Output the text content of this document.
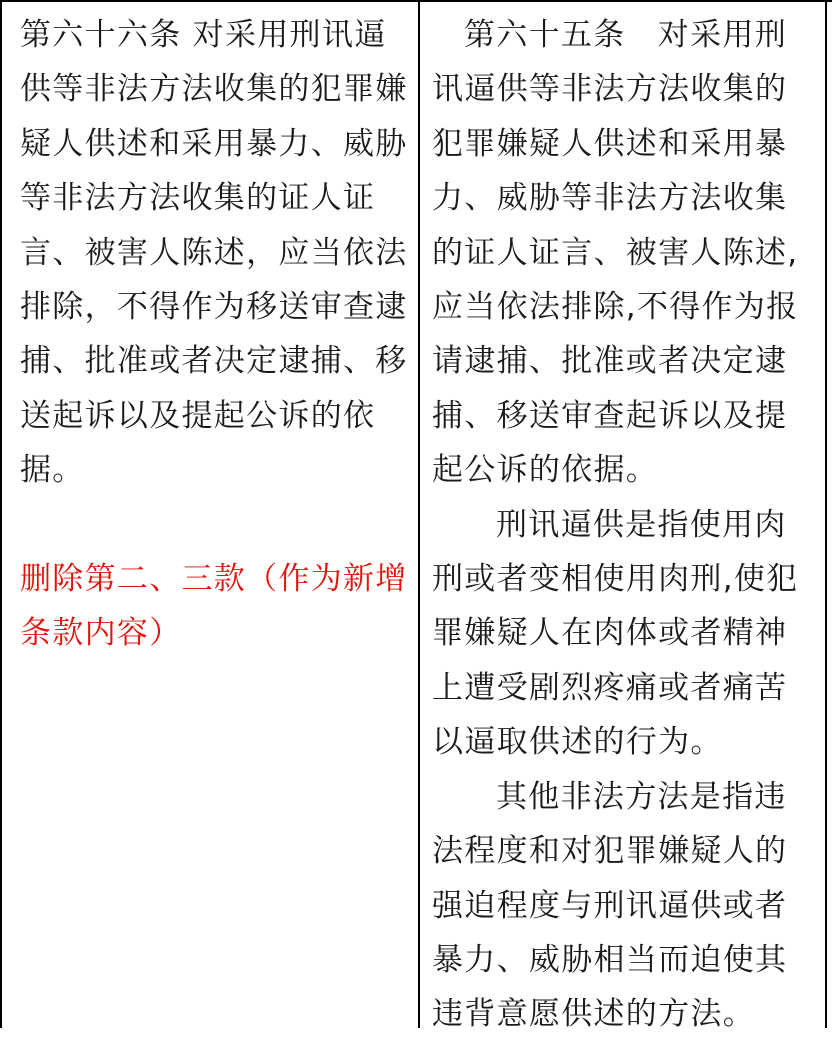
第六十六条 对采用刑讯逼供等非法方法收集的犯罪嫌疑人供述和采用暴力、威胁等非法方法收集的证人证言、被害人陈述，应当依法排除，不得作为移送审查逮捕、批准或者决定逮捕、移送起诉以及提起公诉的依据。

删除第二、三款（作为新增条款内容）

第六十五条　对采用刑讯逼供等非法方法收集的犯罪嫌疑人供述和采用暴力、威胁等非法方法收集的证人证言、被害人陈述,应当依法排除,不得作为报请逮捕、批准或者决定逮捕、移送审查起诉以及提起公诉的依据。

刑讯逼供是指使用肉刑或者变相使用肉刑,使犯罪嫌疑人在肉体或者精神上遭受剧烈疼痛或者痛苦以逼取供述的行为。

其他非法方法是指违法程度和对犯罪嫌疑人的强迫程度与刑讯逼供或者暴力、威胁相当而迫使其违背意愿供述的方法。
